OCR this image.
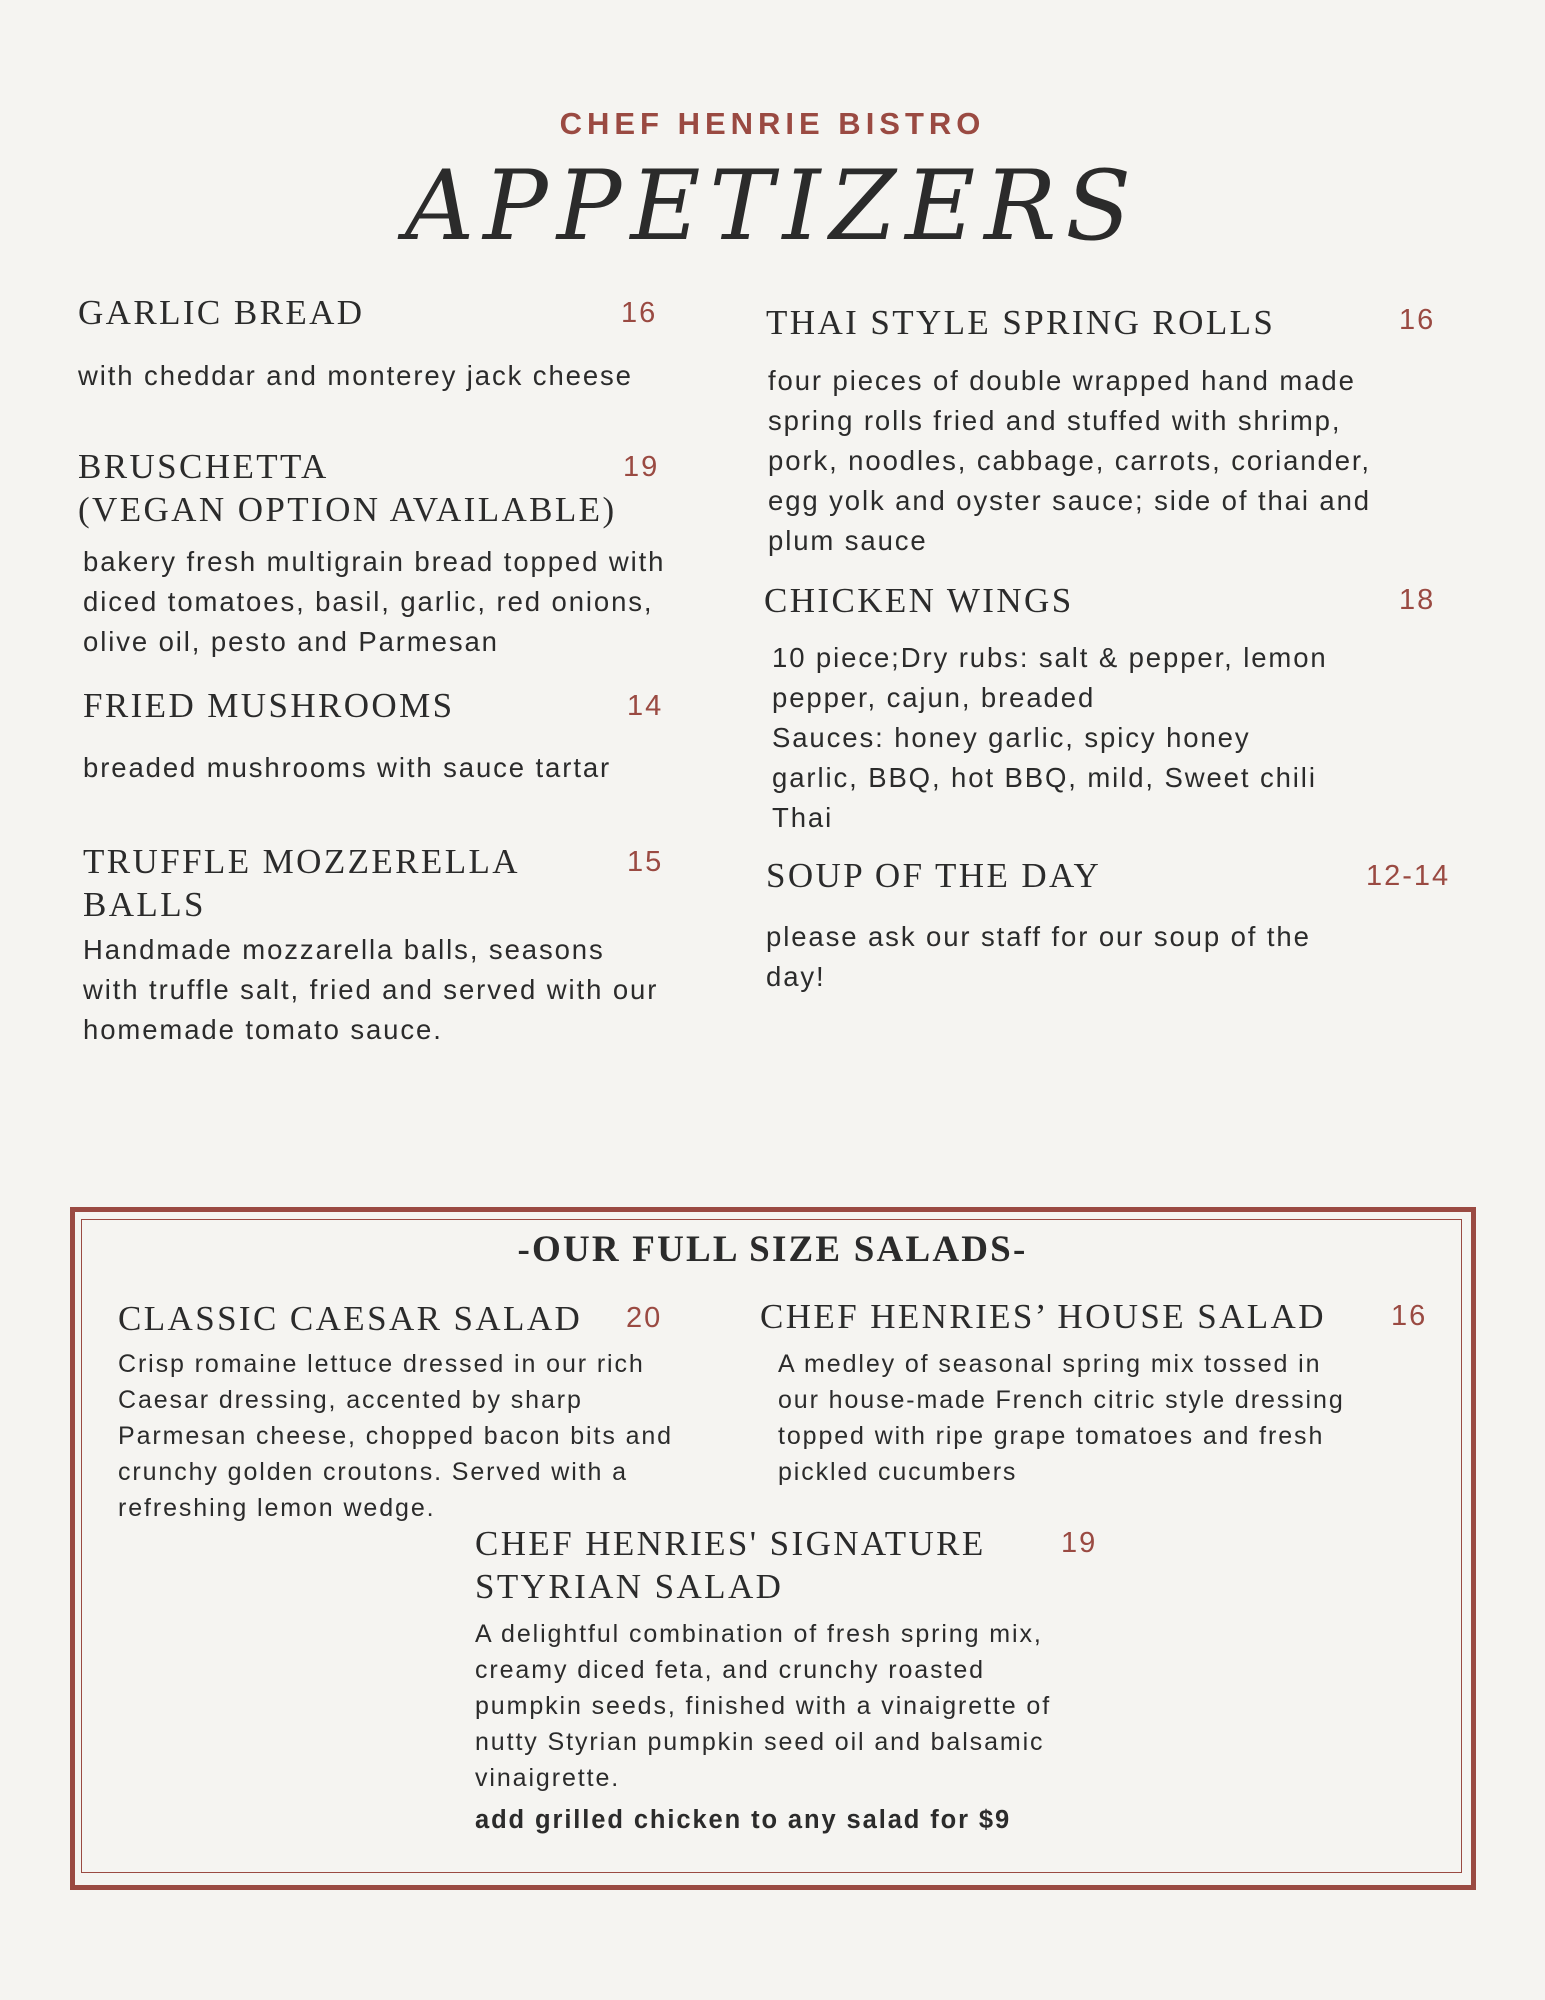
CHEF HENRIE BISTRO
APPETIZERS
GARLIC BREAD	16
with cheddar and monterey jack cheese
BRUSCHETTA
(VEGAN OPTION AVAILABLE)
19
bakery fresh multigrain bread topped with
diced tomatoes, basil, garlic, red onions,
olive oil, pesto and Parmesan
FRIED MUSHROOMS	14
breaded mushrooms with sauce tartar
TRUFFLE MOZZERELLA
BALLS
15
Handmade mozzarella balls, seasons
with truffle salt, fried and served with our
homemade tomato sauce.
THAI STYLE SPRING ROLLS	16
four pieces of double wrapped hand made
spring rolls fried and stuffed with shrimp,
pork, noodles, cabbage, carrots, coriander,
egg yolk and oyster sauce; side of thai and
plum sauce
CHICKEN WINGS	18
10 piece;Dry rubs: salt & pepper, lemon
pepper, cajun, breaded
Sauces: honey garlic, spicy honey
garlic, BBQ, hot BBQ, mild, Sweet chili
Thai
SOUP OF THE DAY	12-14
please ask our staff for our soup of the
day!
-OUR FULL SIZE SALADS-
CLASSIC CAESAR SALAD 20
Crisp romaine lettuce dressed in our rich
Caesar dressing, accented by sharp
Parmesan cheese, chopped bacon bits and
crunchy golden croutons. Served with a
refreshing lemon wedge.
CHEF HENRIES’ HOUSE SALAD 16
A medley of seasonal spring mix tossed in
our house-made French citric style dressing
topped with ripe grape tomatoes and fresh
pickled cucumbers
CHEF HENRIES' SIGNATURE
STYRIAN SALAD
19
A delightful combination of fresh spring mix,
creamy diced feta, and crunchy roasted
pumpkin seeds, finished with a vinaigrette of
nutty Styrian pumpkin seed oil and balsamic
vinaigrette.
add grilled chicken to any salad for $9
